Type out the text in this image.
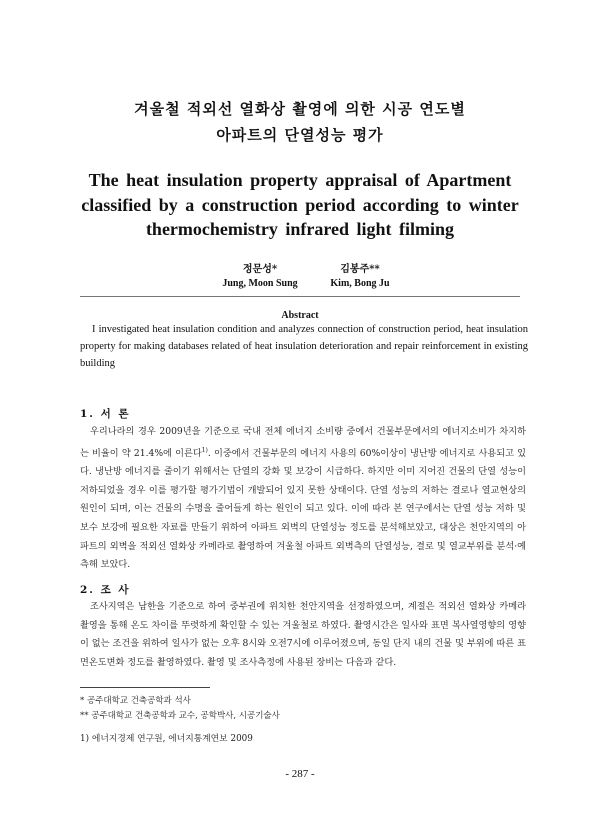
겨울철 적외선 열화상 촬영에 의한 시공 연도별
아파트의 단열성능 평가
The heat insulation property appraisal of Apartment
classified by a construction period according to winter
thermochemistry infrared light filming
정문성*
Jung, Moon Sung
김봉주**
Kim, Bong Ju
Abstract

I investigated heat insulation condition and analyzes connection of construction period, heat insulation property for making databases related of heat insulation deterioration and repair reinforcement in existing building

1. 서 론

우리나라의 경우 2009년을 기준으로 국내 전체 에너지 소비량 중에서 건물부문에서의 에너지소비가 차지하는 비율이 약 21.4%에 이른다$^{1)}$. 이중에서 건물부문의 에너지 사용의 60%이상이 냉난방 에너지로 사용되고 있다. 냉난방 에너지를 줄이기 위해서는 단열의 강화 및 보강이 시급하다. 하지만 이미 지어진 건물의 단열 성능이 저하되었을 경우 이를 평가할 평가기법이 개발되어 있지 못한 상태이다. 단열 성능의 저하는 결로나 열교현상의 원인이 되며, 이는 건물의 수명을 줄어들게 하는 원인이 되고 있다. 이에 따라 본 연구에서는 단열 성능 저하 및 보수 보강에 필요한 자료를 만들기 위하여 아파트 외벽의 단열성능 정도를 분석해보았고, 대상은 천안지역의 아파트의 외벽을 적외선 열화상 카메라로 촬영하여 겨울철 아파트 외벽측의 단열성능, 결로 및 열교부위를 분석·예측해 보았다.

2. 조 사

조사지역은 남한을 기준으로 하여 중부권에 위치한 천안지역을 선정하였으며, 계절은 적외선 열화상 카메라 촬영을 통해 온도 차이를 뚜렷하게 확인할 수 있는 겨울철로 하였다. 촬영시간은 일사와 표면 복사열영향의 영향이 없는 조건을 위하여 일사가 없는 오후 8시와 오전7시에 이루어졌으며, 동일 단지 내의 건물 및 부위에 따른 표면온도변화 정도를 촬영하였다. 촬영 및 조사측정에 사용된 장비는 다음과 같다.

* 공주대학교 건축공학과 석사
** 공주대학교 건축공학과 교수, 공학박사, 시공기술사
1) 에너지경제 연구원, 에너지통계연보 2009
- 287 -
